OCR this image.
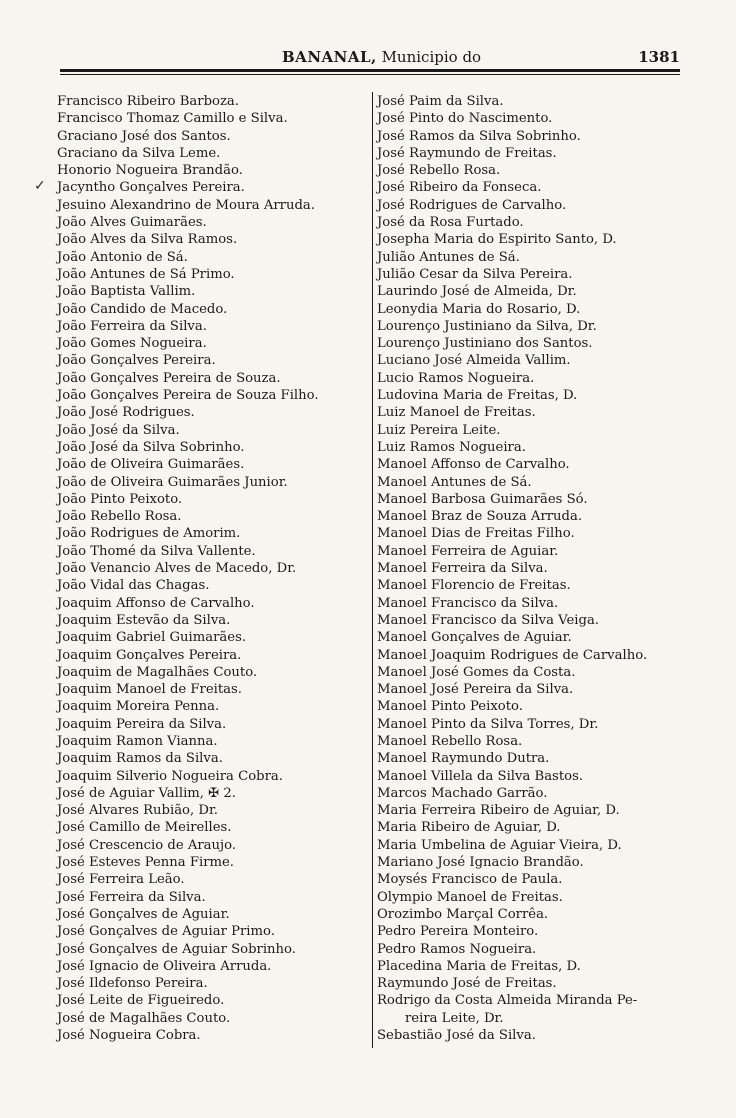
BANANAL, Municipio do	1381
✓
Francisco Ribeiro Barboza.
Francisco Thomaz Camillo e Silva.
Graciano José dos Santos.
Graciano da Silva Leme.
Honorio Nogueira Brandão.
Jacyntho Gonçalves Pereira.
Jesuino Alexandrino de Moura Arruda.
João Alves Guimarães.
João Alves da Silva Ramos.
João Antonio de Sá.
João Antunes de Sá Primo.
João Baptista Vallim.
João Candido de Macedo.
João Ferreira da Silva.
João Gomes Nogueira.
João Gonçalves Pereira.
João Gonçalves Pereira de Souza.
João Gonçalves Pereira de Souza Filho.
João José Rodrigues.
João José da Silva.
João José da Silva Sobrinho.
João de Oliveira Guimarães.
João de Oliveira Guimarães Junior.
João Pinto Peixoto.
João Rebello Rosa.
João Rodrigues de Amorim.
João Thomé da Silva Vallente.
João Venancio Alves de Macedo, Dr.
João Vidal das Chagas.
Joaquim Affonso de Carvalho.
Joaquim Estevão da Silva.
Joaquim Gabriel Guimarães.
Joaquim Gonçalves Pereira.
Joaquim de Magalhães Couto.
Joaquim Manoel de Freitas.
Joaquim Moreira Penna.
Joaquim Pereira da Silva.
Joaquim Ramon Vianna.
Joaquim Ramos da Silva.
Joaquim Silverio Nogueira Cobra.
José de Aguiar Vallim, ✠ 2.
José Alvares Rubião, Dr.
José Camillo de Meirelles.
José Crescencio de Araujo.
José Esteves Penna Firme.
José Ferreira Leão.
José Ferreira da Silva.
José Gonçalves de Aguiar.
José Gonçalves de Aguiar Primo.
José Gonçalves de Aguiar Sobrinho.
José Ignacio de Oliveira Arruda.
José Ildefonso Pereira.
José Leite de Figueiredo.
José de Magalhães Couto.
José Nogueira Cobra.
José Paim da Silva.
José Pinto do Nascimento.
José Ramos da Silva Sobrinho.
José Raymundo de Freitas.
José Rebello Rosa.
José Ribeiro da Fonseca.
José Rodrigues de Carvalho.
José da Rosa Furtado.
Josepha Maria do Espirito Santo, D.
Julião Antunes de Sá.
Julião Cesar da Silva Pereira.
Laurindo José de Almeida, Dr.
Leonydia Maria do Rosario, D.
Lourenço Justiniano da Silva, Dr.
Lourenço Justiniano dos Santos.
Luciano José Almeida Vallim.
Lucio Ramos Nogueira.
Ludovina Maria de Freitas, D.
Luiz Manoel de Freitas.
Luiz Pereira Leite.
Luiz Ramos Nogueira.
Manoel Affonso de Carvalho.
Manoel Antunes de Sá.
Manoel Barbosa Guimarães Só.
Manoel Braz de Souza Arruda.
Manoel Dias de Freitas Filho.
Manoel Ferreira de Aguiar.
Manoel Ferreira da Silva.
Manoel Florencio de Freitas.
Manoel Francisco da Silva.
Manoel Francisco da Silva Veiga.
Manoel Gonçalves de Aguiar.
Manoel Joaquim Rodrigues de Carvalho.
Manoel José Gomes da Costa.
Manoel José Pereira da Silva.
Manoel Pinto Peixoto.
Manoel Pinto da Silva Torres, Dr.
Manoel Rebello Rosa.
Manoel Raymundo Dutra.
Manoel Villela da Silva Bastos.
Marcos Machado Garrão.
Maria Ferreira Ribeiro de Aguiar, D.
Maria Ribeiro de Aguiar, D.
Maria Umbelina de Aguiar Vieira, D.
Mariano José Ignacio Brandão.
Moysés Francisco de Paula.
Olympio Manoel de Freitas.
Orozimbo Marçal Corrêa.
Pedro Pereira Monteiro.
Pedro Ramos Nogueira.
Placedina Maria de Freitas, D.
Raymundo José de Freitas.
Rodrigo da Costa Almeida Miranda Pe-
reira Leite, Dr.
Sebastião José da Silva.
